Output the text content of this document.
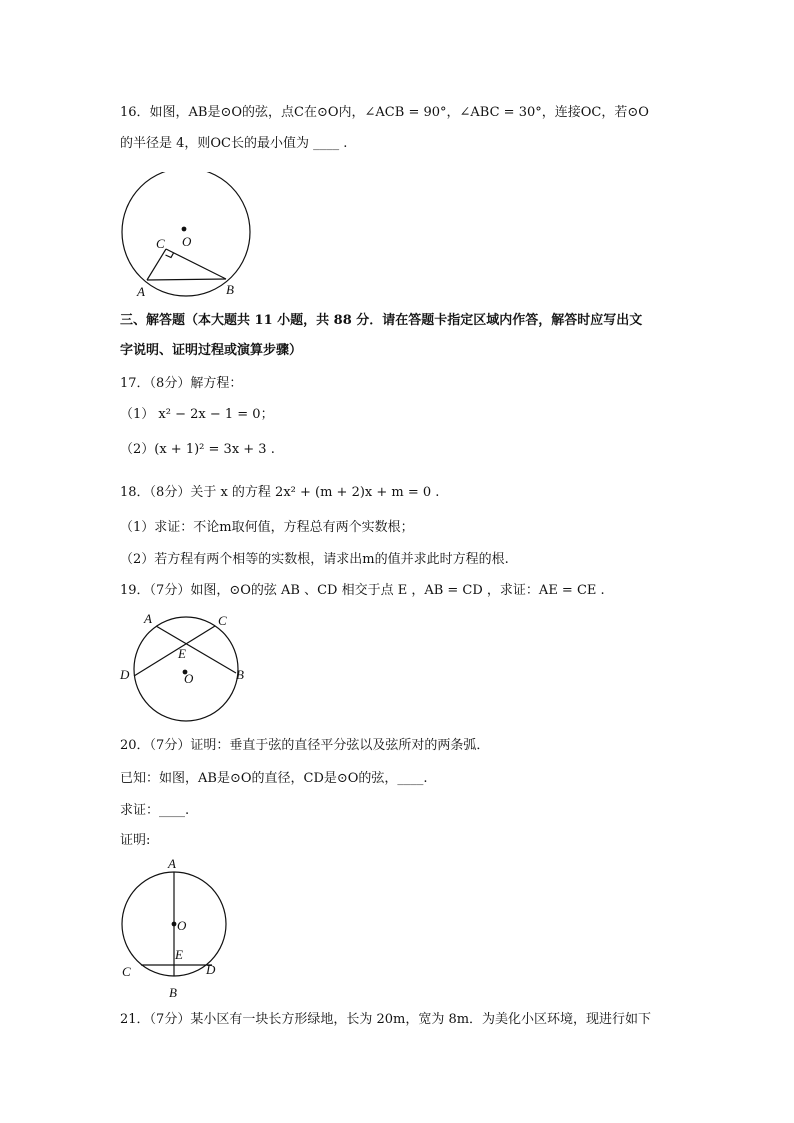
16．如图，AB是⊙O的弦，点C在⊙O内，∠ACB = 90°，∠ABC = 30°，连接OC，若⊙O
的半径是 4，则OC长的最小值为 ____ .
O
C
A	B
三、解答题（本大题共 11 小题，共 88 分．请在答题卡指定区域内作答，解答时应写出文
字说明、证明过程或演算步骤）
17．（8分）解方程：
（1） x² − 2x − 1 = 0；
（2）(x + 1)² = 3x + 3 .
18．（8分）关于 x 的方程 2x² + (m + 2)x + m = 0 .
（1）求证：不论m取何值，方程总有两个实数根；
（2）若方程有两个相等的实数根，请求出m的值并求此时方程的根.
19．（7分）如图，⊙O的弦 AB 、CD 相交于点 E ，AB = CD ，求证：AE = CE .
A	C
E
D	O	B
20．（7分）证明：垂直于弦的直径平分弦以及弦所对的两条弧．
已知：如图，AB是⊙O的直径，CD是⊙O的弦，____.
求证：____.
证明:
A
O
E
C	D
B
21．（7分）某小区有一块长方形绿地，长为 20m，宽为 8m．为美化小区环境，现进行如下
